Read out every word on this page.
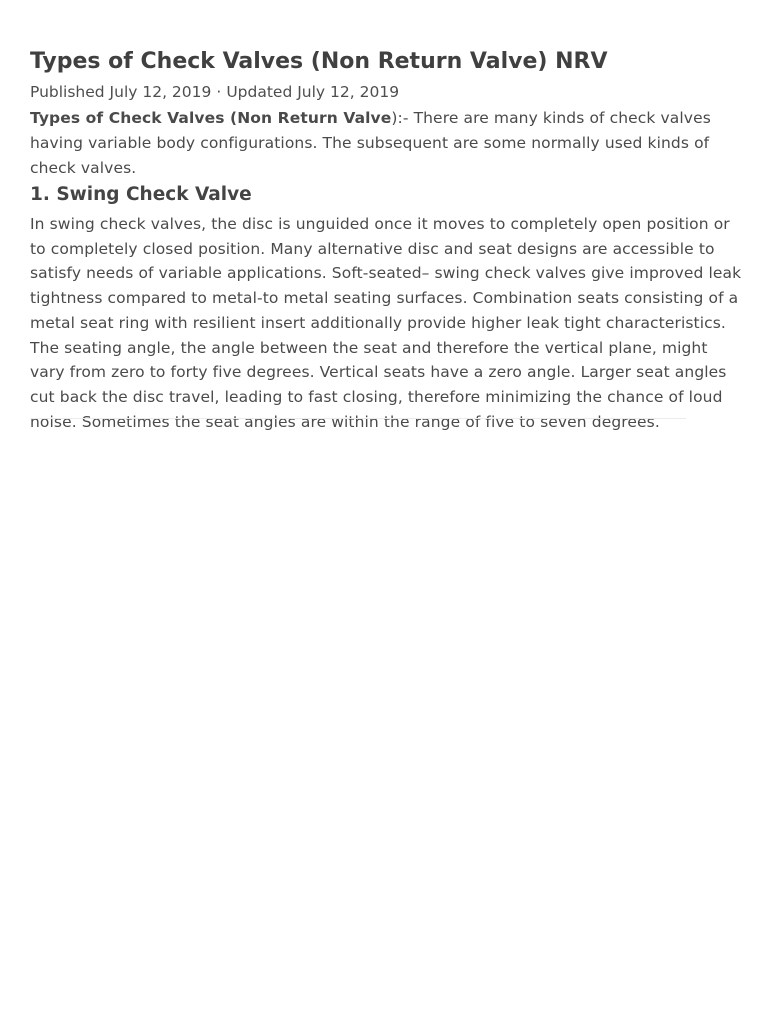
Types of Check Valves (Non Return Valve) NRV
Published July 12, 2019 · Updated July 12, 2019

Types of Check Valves (Non Return Valve):- There are many kinds of check valves having variable body configurations. The subsequent are some normally used kinds of check valves.

1. Swing Check Valve

In swing check valves, the disc is unguided once it moves to completely open position or to completely closed position. Many alternative disc and seat designs are accessible to satisfy needs of variable applications. Soft-seated– swing check valves give improved leak tightness compared to metal-to metal seating surfaces. Combination seats consisting of a metal seat ring with resilient insert additionally provide higher leak tight characteristics. The seating angle, the angle between the seat and therefore the vertical plane, might vary from zero to forty five degrees. Vertical seats have a zero angle. Larger seat angles cut back the disc travel, leading to fast closing, therefore minimizing the chance of loud noise. Sometimes the seat angles are within the range of five to seven degrees.
